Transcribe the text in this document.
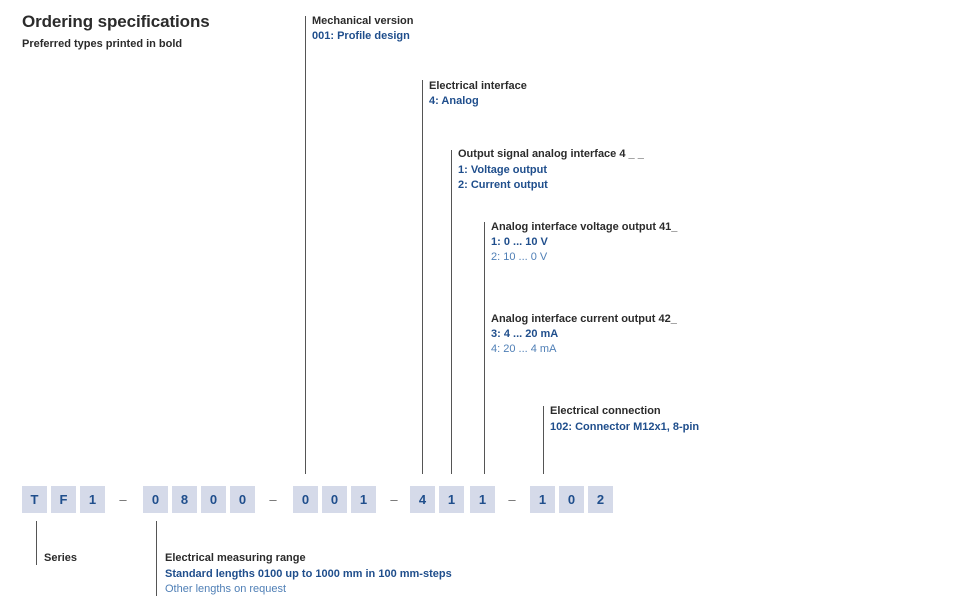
Ordering specifications
Preferred types printed in bold
Mechanical version
001: Profile design
Electrical interface
4: Analog
Output signal analog interface 4 _ _
1: Voltage output
2: Current output
Analog interface voltage output 41_
1: 0 ... 10 V
2: 10 ... 0 V
Analog interface current output 42_
3: 4 ... 20 mA
4: 20 ... 4 mA
Electrical connection
102: Connector M12x1, 8-pin
T	F	1	–	0	8	0	0	–	0	0	1	–	4	1	1	–	1	0	2
Series	Electrical measuring range
Standard lengths 0100 up to 1000 mm in 100 mm-steps
Other lengths on request
